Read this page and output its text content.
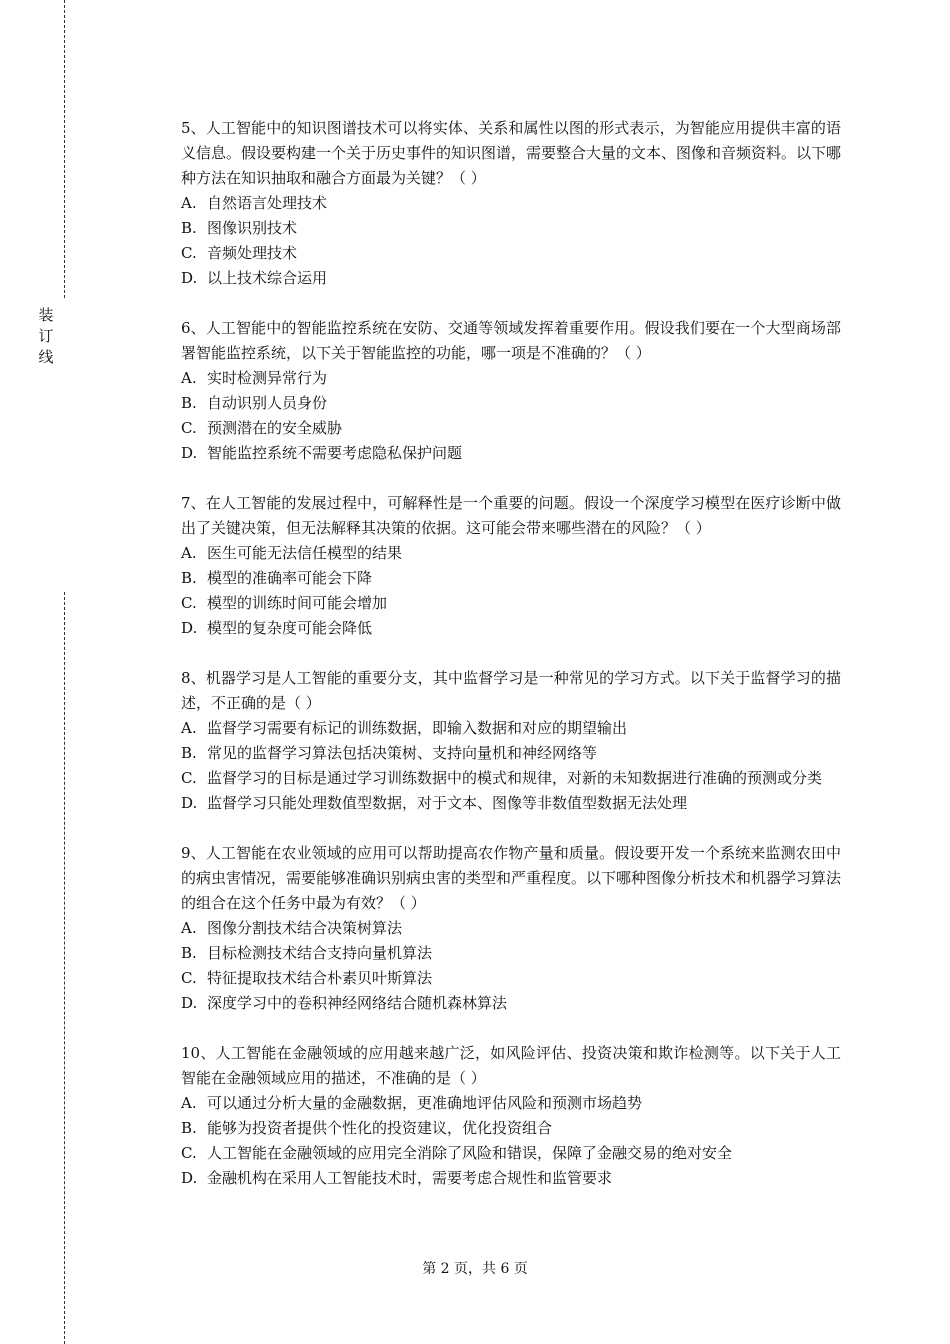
装
订
线

5、人工智能中的知识图谱技术可以将实体、关系和属性以图的形式表示，为智能应用提供丰富的语义信息。假设要构建一个关于历史事件的知识图谱，需要整合大量的文本、图像和音频资料。以下哪种方法在知识抽取和融合方面最为关键？（ ）

A. 自然语言处理技术

B. 图像识别技术

C. 音频处理技术

D. 以上技术综合运用

6、人工智能中的智能监控系统在安防、交通等领域发挥着重要作用。假设我们要在一个大型商场部署智能监控系统，以下关于智能监控的功能，哪一项是不准确的？（ ）

A. 实时检测异常行为

B. 自动识别人员身份

C. 预测潜在的安全威胁

D. 智能监控系统不需要考虑隐私保护问题

7、在人工智能的发展过程中，可解释性是一个重要的问题。假设一个深度学习模型在医疗诊断中做出了关键决策，但无法解释其决策的依据。这可能会带来哪些潜在的风险？（ ）

A. 医生可能无法信任模型的结果

B. 模型的准确率可能会下降

C. 模型的训练时间可能会增加

D. 模型的复杂度可能会降低

8、机器学习是人工智能的重要分支，其中监督学习是一种常见的学习方式。以下关于监督学习的描述，不正确的是（ ）

A. 监督学习需要有标记的训练数据，即输入数据和对应的期望输出

B. 常见的监督学习算法包括决策树、支持向量机和神经网络等

C. 监督学习的目标是通过学习训练数据中的模式和规律，对新的未知数据进行准确的预测或分类

D. 监督学习只能处理数值型数据，对于文本、图像等非数值型数据无法处理

9、人工智能在农业领域的应用可以帮助提高农作物产量和质量。假设要开发一个系统来监测农田中的病虫害情况，需要能够准确识别病虫害的类型和严重程度。以下哪种图像分析技术和机器学习算法的组合在这个任务中最为有效？（ ）

A. 图像分割技术结合决策树算法

B. 目标检测技术结合支持向量机算法

C. 特征提取技术结合朴素贝叶斯算法

D. 深度学习中的卷积神经网络结合随机森林算法

10、人工智能在金融领域的应用越来越广泛，如风险评估、投资决策和欺诈检测等。以下关于人工智能在金融领域应用的描述，不准确的是（ ）

A. 可以通过分析大量的金融数据，更准确地评估风险和预测市场趋势

B. 能够为投资者提供个性化的投资建议，优化投资组合

C. 人工智能在金融领域的应用完全消除了风险和错误，保障了金融交易的绝对安全

D. 金融机构在采用人工智能技术时，需要考虑合规性和监管要求

第 2 页，共 6 页
